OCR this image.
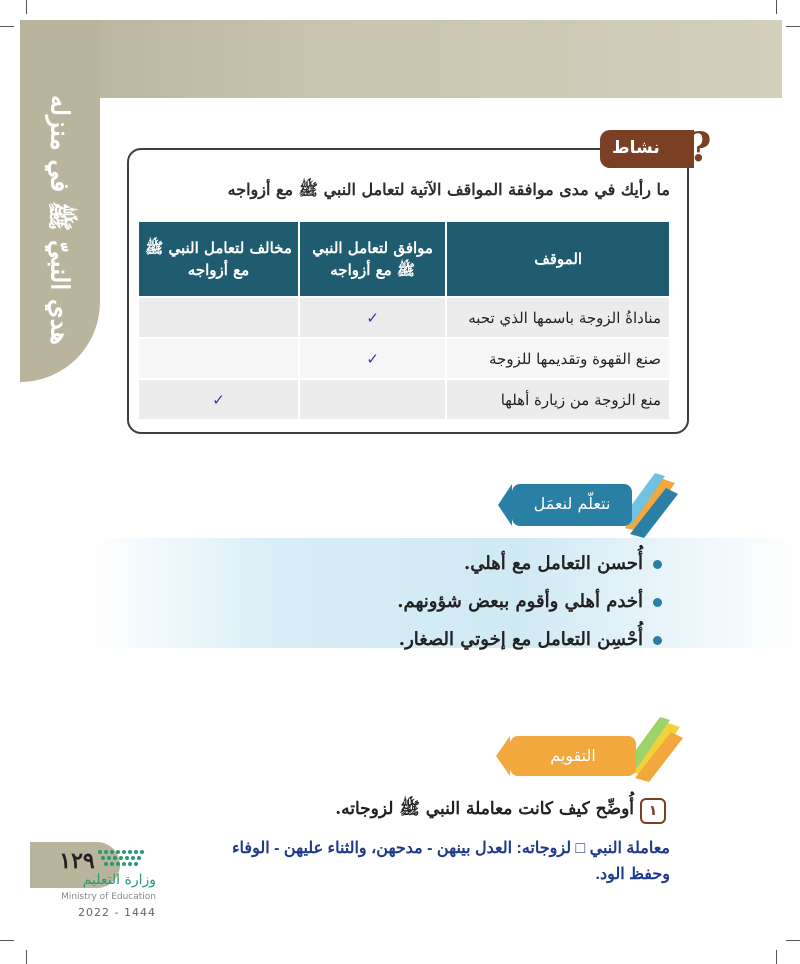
هدي النبيّ ﷺ في منزله	نشاط ?
ما رأيك في مدى موافقة المواقف الآتية لتعامل النبي ﷺ مع أزواجه
الموقف	موافق لتعامل النبي ﷺ مع أزواجه	مخالف لتعامل النبي ﷺ مع أزواجه
مناداةُ الزوجة باسمها الذي تحبه	✓	
صنع القهوة وتقديمها للزوجة	✓	
منع الزوجة من زيارة أهلها		✓
نتعلّم لنعمَل
أُحسن التعامل مع أهلي.
أخدم أهلي وأقوم ببعض شؤونهم.
أُحْسِن التعامل مع إخوتي الصغار.
التقويم
١
أُوضِّح كيف كانت معاملة النبي ﷺ لزوجاته.
معاملة النبي □ لزوجاته: العدل بينهن - مدحهن، والثناء عليهن - الوفاء وحفظ الود.
١٢٩
وزارة التعليم
Ministry of Education
2022 - 1444
